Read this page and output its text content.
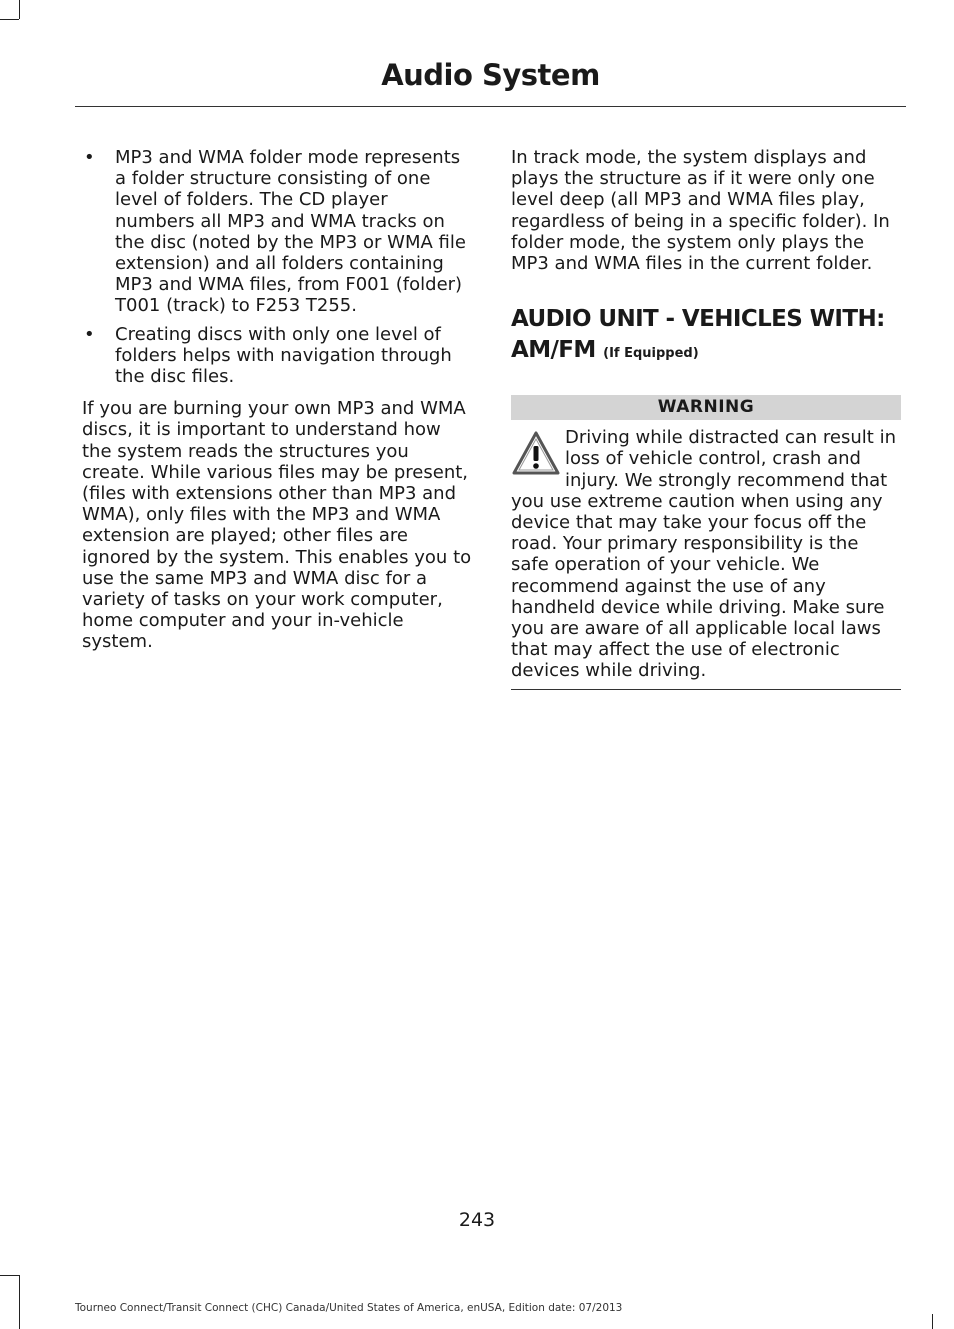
Audio System
• MP3 and WMA folder mode represents a folder structure consisting of one level of folders. The CD player numbers all MP3 and WMA tracks on the disc (noted by the MP3 or WMA file extension) and all folders containing MP3 and WMA files, from F001 (folder) T001 (track) to F253 T255.
• Creating discs with only one level of folders helps with navigation through the disc files.

If you are burning your own MP3 and WMA discs, it is important to understand how the system reads the structures you create. While various files may be present, (files with extensions other than MP3 and WMA), only files with the MP3 and WMA extension are played; other files are ignored by the system. This enables you to use the same MP3 and WMA disc for a variety of tasks on your work computer, home computer and your in-vehicle system.

In track mode, the system displays and plays the structure as if it were only one level deep (all MP3 and WMA files play, regardless of being in a specific folder). In folder mode, the system only plays the MP3 and WMA files in the current folder.

AUDIO UNIT - VEHICLES WITH: AM/FM (If Equipped)
WARNING
Driving while distracted can result in loss of vehicle control, crash and injury. We strongly recommend that you use extreme caution when using any device that may take your focus off the road. Your primary responsibility is the safe operation of your vehicle. We recommend against the use of any handheld device while driving. Make sure you are aware of all applicable local laws that may affect the use of electronic devices while driving.
243
Tourneo Connect/Transit Connect (CHC) Canada/United States of America, enUSA, Edition date: 07/2013
